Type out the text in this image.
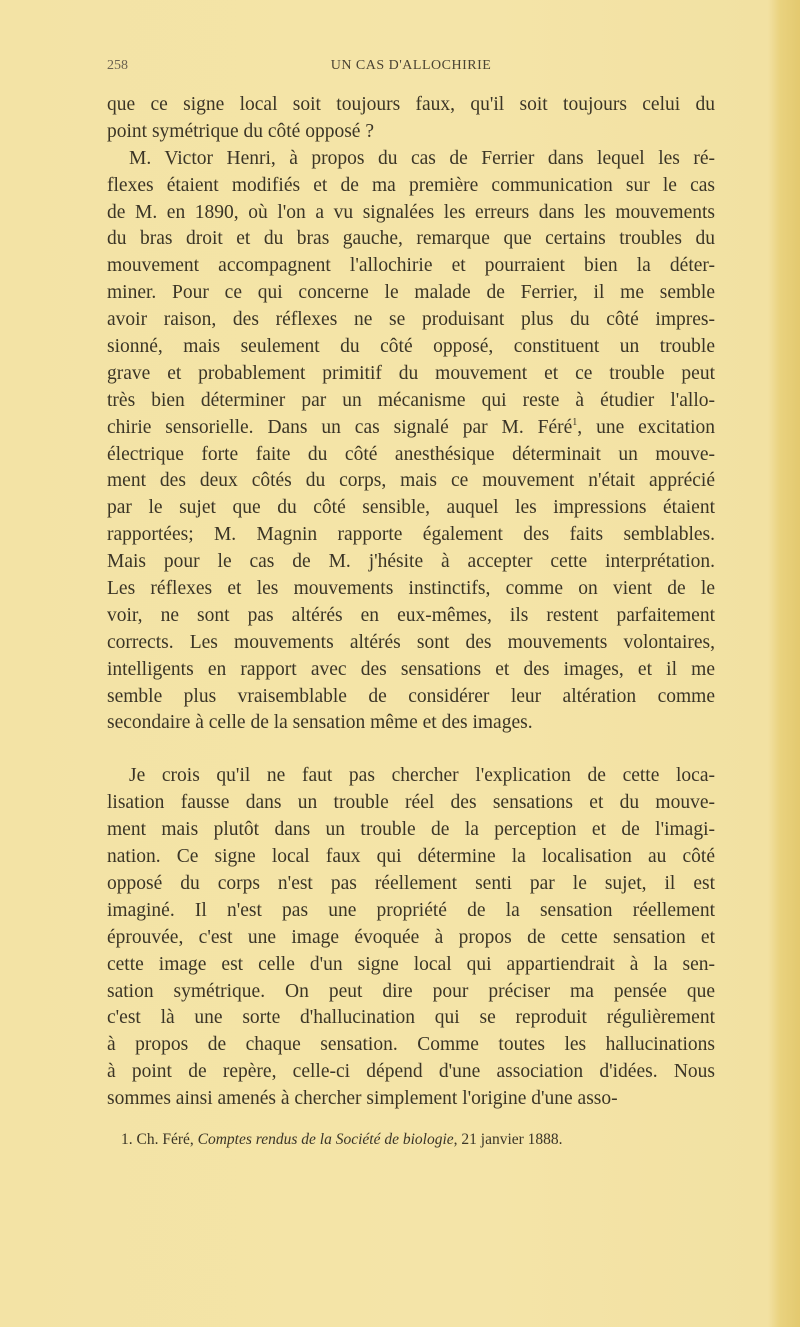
258	UN CAS D'ALLOCHIRIE
que ce signe local soit toujours faux, qu'il soit toujours celui du
point symétrique du côté opposé ?
M. Victor Henri, à propos du cas de Ferrier dans lequel les ré-
flexes étaient modifiés et de ma première communication sur le cas
de M. en 1890, où l'on a vu signalées les erreurs dans les mouvements
du bras droit et du bras gauche, remarque que certains troubles du
mouvement accompagnent l'allochirie et pourraient bien la déter-
miner. Pour ce qui concerne le malade de Ferrier, il me semble
avoir raison, des réflexes ne se produisant plus du côté impres-
sionné, mais seulement du côté opposé, constituent un trouble
grave et probablement primitif du mouvement et ce trouble peut
très bien déterminer par un mécanisme qui reste à étudier l'allo-
chirie sensorielle. Dans un cas signalé par M. Féré$^1$, une excitation
électrique forte faite du côté anesthésique déterminait un mouve-
ment des deux côtés du corps, mais ce mouvement n'était apprécié
par le sujet que du côté sensible, auquel les impressions étaient
rapportées; M. Magnin rapporte également des faits semblables.
Mais pour le cas de M. j'hésite à accepter cette interprétation.
Les réflexes et les mouvements instinctifs, comme on vient de le
voir, ne sont pas altérés en eux-mêmes, ils restent parfaitement
corrects. Les mouvements altérés sont des mouvements volontaires,
intelligents en rapport avec des sensations et des images, et il me
semble plus vraisemblable de considérer leur altération comme
secondaire à celle de la sensation même et des images.
Je crois qu'il ne faut pas chercher l'explication de cette loca-
lisation fausse dans un trouble réel des sensations et du mouve-
ment mais plutôt dans un trouble de la perception et de l'imagi-
nation. Ce signe local faux qui détermine la localisation au côté
opposé du corps n'est pas réellement senti par le sujet, il est
imaginé. Il n'est pas une propriété de la sensation réellement
éprouvée, c'est une image évoquée à propos de cette sensation et
cette image est celle d'un signe local qui appartiendrait à la sen-
sation symétrique. On peut dire pour préciser ma pensée que
c'est là une sorte d'hallucination qui se reproduit régulièrement
à propos de chaque sensation. Comme toutes les hallucinations
à point de repère, celle-ci dépend d'une association d'idées. Nous
sommes ainsi amenés à chercher simplement l'origine d'une asso-
1. Ch. Féré, Comptes rendus de la Société de biologie, 21 janvier 1888.
